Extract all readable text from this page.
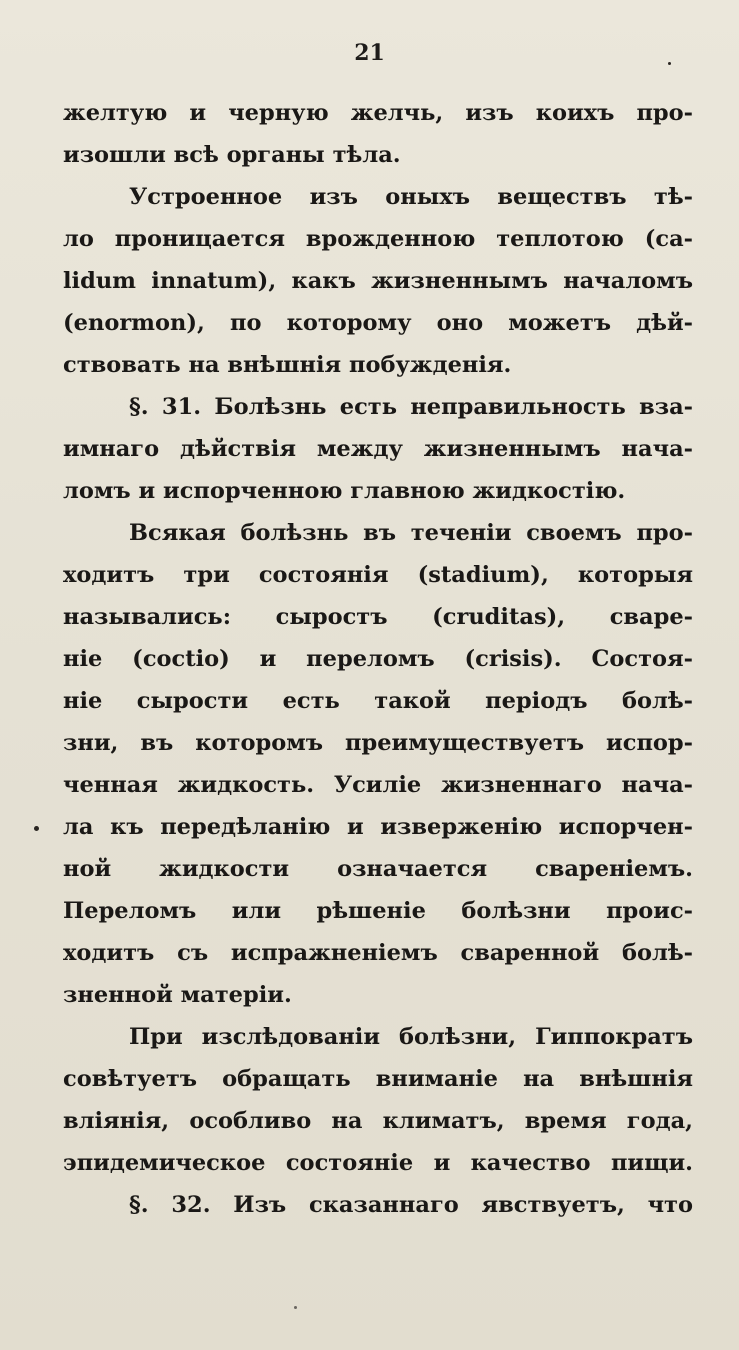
21
желтую и черную желчь, изъ коихъ про-
изошли всѣ органы тѣла.
Устроенное изъ оныхъ веществъ тѣ-
ло проницается врожденною теплотою (ca-
lidum innatum), какъ жизненнымъ началомъ
(enormon), по которому оно можетъ дѣй-
ствовать на внѣшнія побужденія.
§. 31. Болѣзнь есть неправильность вза-
имнаго дѣйствія между жизненнымъ нача-
ломъ и испорченною главною жидкостію.
Всякая болѣзнь въ теченіи своемъ про-
ходитъ три состоянія (stadium), которыя
назывались: сыростъ (cruditas), сваре-
ніе (coctio) и переломъ (crisis). Состоя-
ніе сырости есть такой періодъ болѣ-
зни, въ которомъ преимуществуетъ испор-
ченная жидкость. Усиліе жизненнаго нача-
ла къ передѣланію и изверженію испорчен-
ной жидкости означается свареніемъ.
Переломъ или рѣшеніе болѣзни проис-
ходитъ съ испражненіемъ сваренной болѣ-
зненной матеріи.
При изслѣдованіи болѣзни, Гиппократъ
совѣтуетъ обращать вниманіе на внѣшнія
вліянія, особливо на климатъ, время года,
эпидемическое состояніе и качество пищи.
§. 32. Изъ сказаннаго явствуетъ, что
